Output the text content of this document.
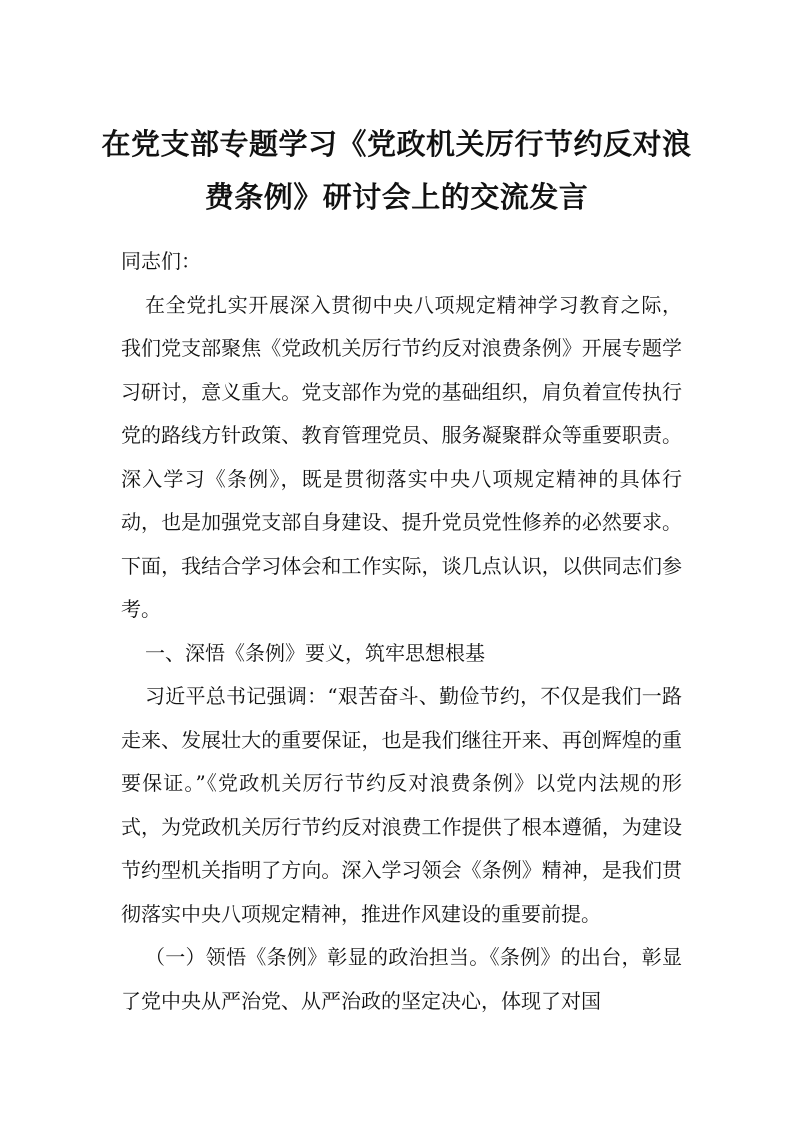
在党支部专题学习《党政机关厉行节约反对浪费条例》研讨会上的交流发言

同志们：

在全党扎实开展深入贯彻中央八项规定精神学习教育之际，我们党支部聚焦《党政机关厉行节约反对浪费条例》开展专题学习研讨，意义重大。党支部作为党的基础组织，肩负着宣传执行党的路线方针政策、教育管理党员、服务凝聚群众等重要职责。深入学习《条例》，既是贯彻落实中央八项规定精神的具体行动，也是加强党支部自身建设、提升党员党性修养的必然要求。下面，我结合学习体会和工作实际，谈几点认识，以供同志们参考。

一、深悟《条例》要义，筑牢思想根基

习近平总书记强调：“艰苦奋斗、勤俭节约，不仅是我们一路走来、发展壮大的重要保证，也是我们继往开来、再创辉煌的重要保证。”《党政机关厉行节约反对浪费条例》以党内法规的形式，为党政机关厉行节约反对浪费工作提供了根本遵循，为建设节约型机关指明了方向。深入学习领会《条例》精神，是我们贯彻落实中央八项规定精神，推进作风建设的重要前提。

（一）领悟《条例》彰显的政治担当。《条例》的出台，彰显了党中央从严治党、从严治政的坚定决心，体现了对国
